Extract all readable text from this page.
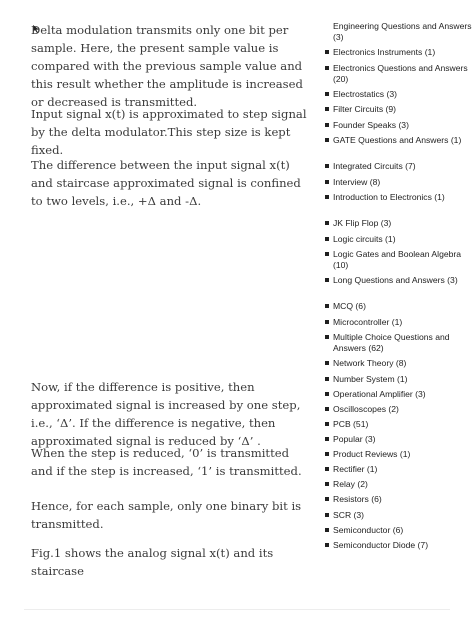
Delta modulation transmits only one bit per sample. Here, the present sample value is compared with the previous sample value and this result whether the amplitude is increased or decreased is transmitted.

Input signal x(t) is approximated to step signal by the delta modulator.This step size is kept fixed.

The difference between the input signal x(t) and staircase approximated signal is confined to two levels, i.e., +Δ and -Δ.

Now, if the difference is positive, then approximated signal is increased by one step, i.e., ‘Δ’. If the difference is negative, then approximated signal is reduced by ‘Δ’ .

When the step is reduced, ‘0’ is transmitted and if the step is increased, ‘1’ is transmitted.

Hence, for each sample, only one binary bit is transmitted.

Fig.1 shows the analog signal x(t) and its staircase

Engineering Questions and Answers (3)
Electronics Instruments (1)
Electronics Questions and Answers (20)
Electrostatics (3)
Filter Circuits (9)
Founder Speaks (3)
GATE Questions and Answers (1)
Integrated Circuits (7)
Interview (8)
Introduction to Electronics (1)
JK Flip Flop (3)
Logic circuits (1)
Logic Gates and Boolean Algebra (10)
Long Questions and Answers (3)
MCQ (6)
Microcontroller (1)
Multiple Choice Questions and Answers (62)
Network Theory (8)
Number System (1)
Operational Amplifier (3)
Oscilloscopes (2)
PCB (51)
Popular (3)
Product Reviews (1)
Rectifier (1)
Relay (2)
Resistors (6)
SCR (3)
Semiconductor (6)
Semiconductor Diode (7)
